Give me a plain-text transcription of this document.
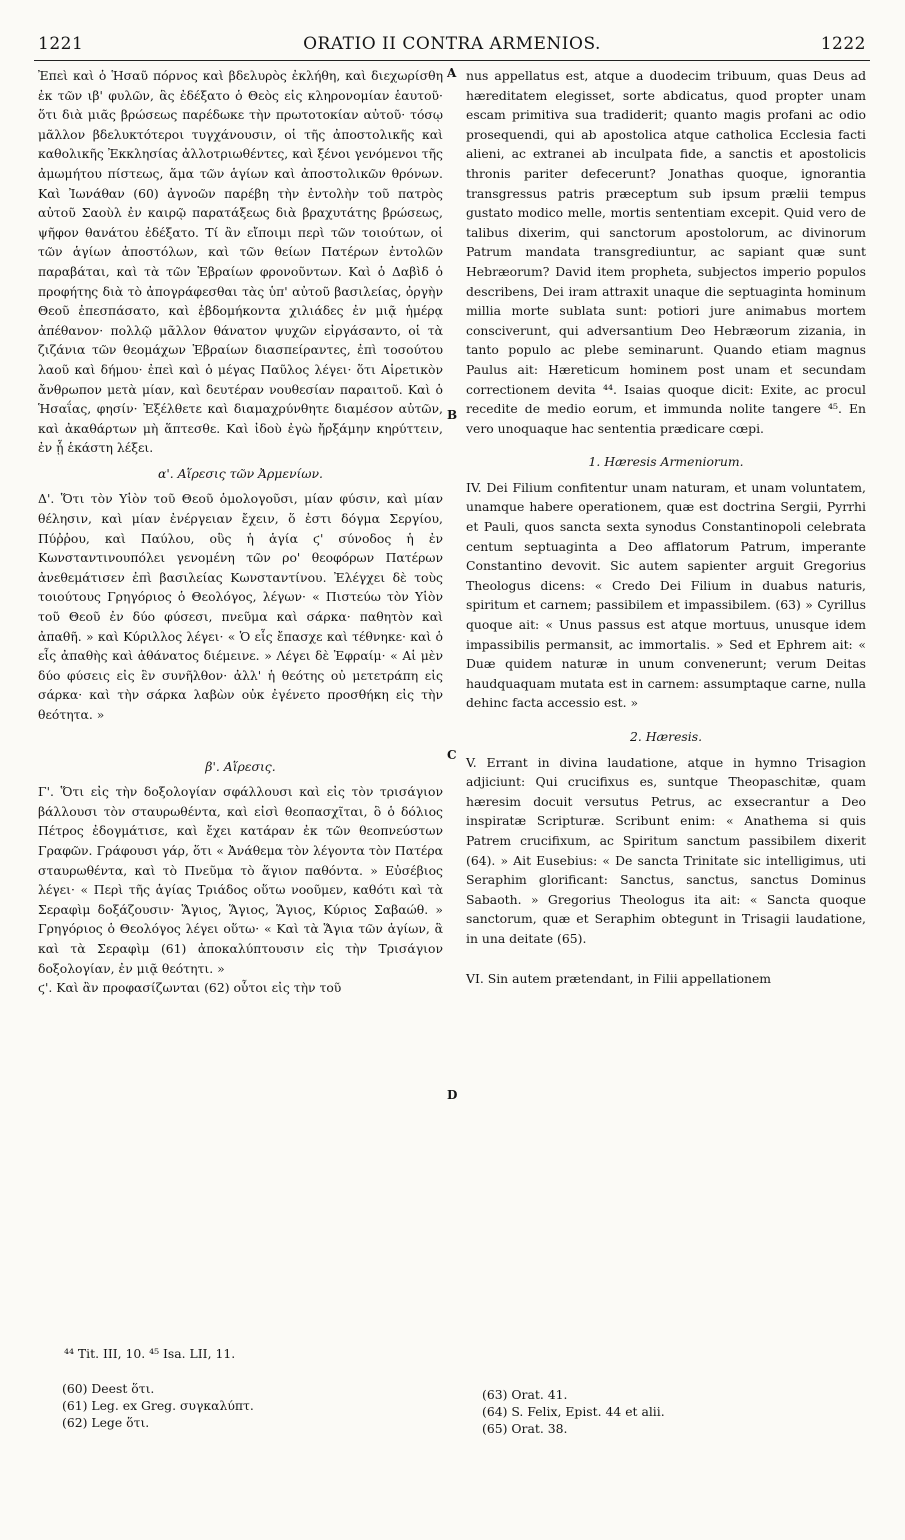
1221	ORATIO II CONTRA ARMENIOS.	1222

Ἐπεὶ καὶ ὁ Ἡσαῦ πόρνος καὶ βδελυρὸς ἐκλήθη, καὶ διεχωρίσθη ἐκ τῶν ιβ' φυλῶν, ἃς ἐδέξατο ὁ Θεὸς εἰς κληρονομίαν ἑαυτοῦ· ὅτι διὰ μιᾶς βρώσεως παρέδωκε τὴν πρωτοτοκίαν αὐτοῦ· τόσῳ μᾶλλον βδελυκτότεροι τυγχάνουσιν, οἱ τῆς ἀποστολικῆς καὶ καθολικῆς Ἐκκλησίας ἀλλοτριωθέντες, καὶ ξένοι γενόμενοι τῆς ἀμωμήτου πίστεως, ἅμα τῶν ἁγίων καὶ ἀποστολικῶν θρόνων. Καὶ Ἰωνάθαν (60) ἀγνοῶν παρέβη τὴν ἐντολὴν τοῦ πατρὸς αὐτοῦ Σαοὺλ ἐν καιρῷ παρατάξεως διὰ βραχυτάτης βρώσεως, ψῆφον θανάτου ἐδέξατο. Τί ἂν εἴποιμι περὶ τῶν τοιούτων, οἱ τῶν ἁγίων ἀποστόλων, καὶ τῶν θείων Πατέρων ἐντολῶν παραβάται, καὶ τὰ τῶν Ἑβραίων φρονοῦντων. Καὶ ὁ Δαβὶδ ὁ προφήτης διὰ τὸ ἀπογράφεσθαι τὰς ὑπ' αὐτοῦ βασιλείας, ὀργὴν Θεοῦ ἐπεσπάσατο, καὶ ἑβδομήκοντα χιλιάδες ἐν μιᾷ ἡμέρᾳ ἀπέθανον· πολλῷ μᾶλλον θάνατον ψυχῶν εἰργάσαντο, οἱ τὰ ζιζάνια τῶν θεομάχων Ἑβραίων διασπείραντες, ἐπὶ τοσούτου λαοῦ καὶ δήμου· ἐπεὶ καὶ ὁ μέγας Παῦλος λέγει· ὅτι Αἱρετικὸν ἄνθρωπον μετὰ μίαν, καὶ δευτέραν νουθεσίαν παραιτοῦ. Καὶ ὁ Ἡσαΐας, φησίν· Ἐξέλθετε καὶ διαμαχρύνθητε διαμέσον αὐτῶν, καὶ ἀκαθάρτων μὴ ἅπτεσθε. Καὶ ἰδοὺ ἐγὼ ἤρξάμην κηρύττειν, ἐν ᾗ ἑκάστη λέξει.

α'. Αἵρεσις τῶν Ἀρμενίων.

Δ'. Ὅτι τὸν Υἱὸν τοῦ Θεοῦ ὁμολογοῦσι, μίαν φύσιν, καὶ μίαν θέλησιν, καὶ μίαν ἐνέργειαν ἔχειν, ὅ ἐστι δόγμα Σεργίου, Πύῤῥου, καὶ Παύλου, οὓς ἡ ἁγία ϛ' σύνοδος ἡ ἐν Κωνσταντινουπόλει γενομένη τῶν ρο' θεοφόρων Πατέρων ἀνεθεμάτισεν ἐπὶ βασιλείας Κωνσταντίνου. Ἐλέγχει δὲ τοὺς τοιούτους Γρηγόριος ὁ Θεολόγος, λέγων· « Πιστεύω τὸν Υἱὸν τοῦ Θεοῦ ἐν δύο φύσεσι, πνεῦμα καὶ σάρκα· παθητὸν καὶ ἀπαθῆ. » καὶ Κύριλλος λέγει· « Ὁ εἷς ἔπασχε καὶ τέθνηκε· καὶ ὁ εἷς ἀπαθὴς καὶ ἀθάνατος διέμεινε. » Λέγει δὲ Ἐφραίμ· « Αἱ μὲν δύο φύσεις εἰς ἓν συνῆλθον· ἀλλ' ἡ θεότης οὐ μετετράπη εἰς σάρκα· καὶ τὴν σάρκα λαβὼν οὐκ ἐγένετο προσθήκη εἰς τὴν θεότητα. »

β'. Αἵρεσις.

Γ'. Ὅτι εἰς τὴν δοξολογίαν σφάλλουσι καὶ εἰς τὸν τρισάγιον βάλλουσι τὸν σταυρωθέντα, καὶ εἰσὶ θεοπασχῖται, ὃ ὁ δόλιος Πέτρος ἐδογμάτισε, καὶ ἔχει κατάραν ἐκ τῶν θεοπνεύστων Γραφῶν. Γράφουσι γάρ, ὅτι « Ἀνάθεμα τὸν λέγοντα τὸν Πατέρα σταυρωθέντα, καὶ τὸ Πνεῦμα τὸ ἅγιον παθόντα. » Εὐσέβιος λέγει· « Περὶ τῆς ἁγίας Τριάδος οὕτω νοοῦμεν, καθότι καὶ τὰ Σεραφὶμ δοξάζουσιν· Ἅγιος, Ἅγιος, Ἅγιος, Κύριος Σαβαώθ. » Γρηγόριος ὁ Θεολόγος λέγει οὕτω· « Καὶ τὰ Ἅγια τῶν ἁγίων, ἃ καὶ τὰ Σεραφὶμ (61) ἀποκαλύπτουσιν εἰς τὴν Τρισάγιον δοξολογίαν, ἐν μιᾷ θεότητι. »

ϛ'. Καὶ ἂν προφασίζωνται (62) οὗτοι εἰς τὴν τοῦ

nus appellatus est, atque a duodecim tribuum, quas Deus ad hæreditatem elegisset, sorte abdicatus, quod propter unam escam primitiva sua tradiderit; quanto magis profani ac odio prosequendi, qui ab apostolica atque catholica Ecclesia facti alieni, ac extranei ab inculpata fide, a sanctis et apostolicis thronis pariter defecerunt? Jonathas quoque, ignorantia transgressus patris præceptum sub ipsum prælii tempus gustato modico melle, mortis sententiam excepit. Quid vero de talibus dixerim, qui sanctorum apostolorum, ac divinorum Patrum mandata transgrediuntur, ac sapiant quæ sunt Hebræorum? David item propheta, subjectos imperio populos describens, Dei iram attraxit unaque die septuaginta hominum millia morte sublata sunt: potiori jure animabus mortem consciverunt, qui adversantium Deo Hebræorum zizania, in tanto populo ac plebe seminarunt. Quando etiam magnus Paulus ait: Hæreticum hominem post unam et secundam correctionem devita ⁴⁴. Isaias quoque dicit: Exite, ac procul recedite de medio eorum, et immunda nolite tangere ⁴⁵. En vero unoquaque hac sententia prædicare cœpi.

1. Hæresis Armeniorum.

IV. Dei Filium confitentur unam naturam, et unam voluntatem, unamque habere operationem, quæ est doctrina Sergii, Pyrrhi et Pauli, quos sancta sexta synodus Constantinopoli celebrata centum septuaginta a Deo afflatorum Patrum, imperante Constantino devovit. Sic autem sapienter arguit Gregorius Theologus dicens: « Credo Dei Filium in duabus naturis, spiritum et carnem; passibilem et impassibilem. (63) » Cyrillus quoque ait: « Unus passus est atque mortuus, unusque idem impassibilis permansit, ac immortalis. » Sed et Ephrem ait: « Duæ quidem naturæ in unum convenerunt; verum Deitas haudquaquam mutata est in carnem: assumptaque carne, nulla dehinc facta accessio est. »

2. Hæresis.

V. Errant in divina laudatione, atque in hymno Trisagion adjiciunt: Qui crucifixus es, suntque Theopaschitæ, quam hæresim docuit versutus Petrus, ac exsecrantur a Deo inspiratæ Scripturæ. Scribunt enim: « Anathema si quis Patrem crucifixum, ac Spiritum sanctum passibilem dixerit (64). » Ait Eusebius: « De sancta Trinitate sic intelligimus, uti Seraphim glorificant: Sanctus, sanctus, sanctus Dominus Sabaoth. » Gregorius Theologus ita ait: « Sancta quoque sanctorum, quæ et Seraphim obtegunt in Trisagii laudatione, in una deitate (65).

VI. Sin autem prætendant, in Filii appellationem

A
B
C
D
⁴⁴ Tit. III, 10. ⁴⁵ Isa. LII, 11.
(60) Deest ὅτι.
(61) Leg. ex Greg. συγκαλύπτ.
(62) Lege ὅτι.
(63) Orat. 41.
(64) S. Felix, Epist. 44 et alii.
(65) Orat. 38.
